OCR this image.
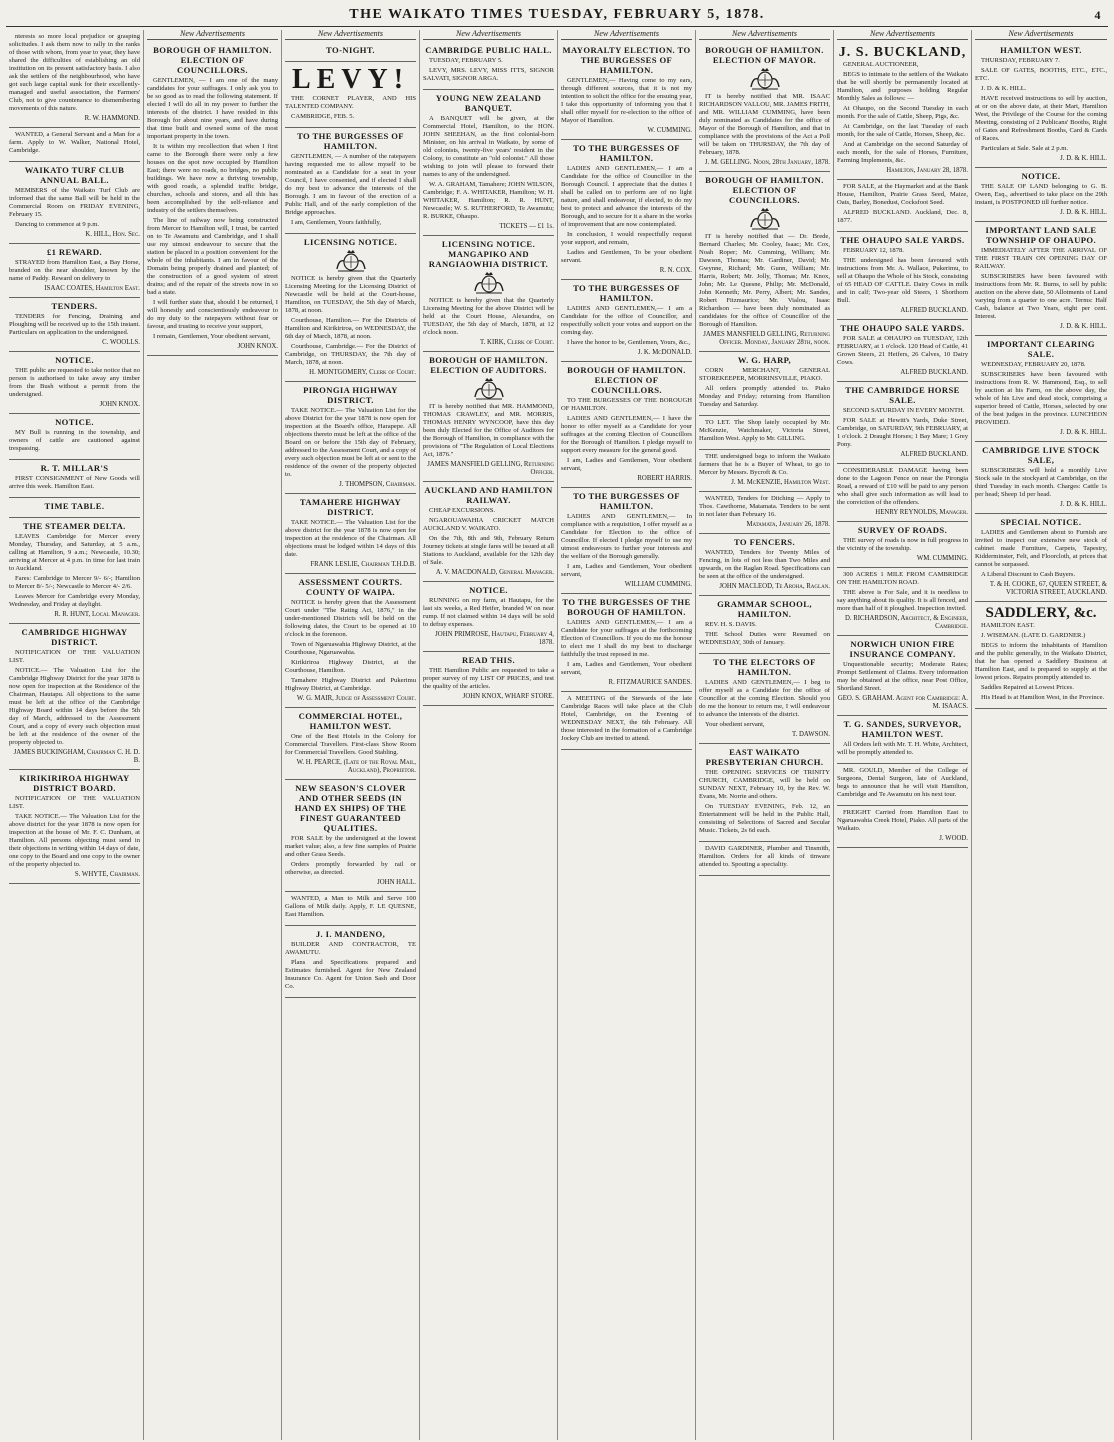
THE WAIKATO TIMES TUESDAY, FEBRUARY 5, 1878.	4

nterests so more local prejudice or grasping solicitudes. I ask them now to rally in the ranks of those with whom, from year to year, they have shared the difficulties of establishing an old institution on its present satisfactory basis. I also ask the settlers of the neighbourhood, who have got such large capital sunk for their excellently-managed and useful association, the Farmers' Club, not to give countenance to dismembering movements of this nature.

R. W. HAMMOND.

WANTED, a General Servant and a Man for a farm. Apply to W. Walker, National Hotel, Cambridge.

WAIKATO TURF CLUB ANNUAL BALL.

MEMBERS of the Waikato Turf Club are informed that the same Ball will be held in the Commercial Room on FRIDAY EVENING, February 15.

Dancing to commence at 9 p.m.

K. HILL, Hon. Sec.
£1 REWARD.

STRAYED from Hamilton East, a Bay Horse, branded on the near shoulder, known by the name of Paddy. Reward on delivery to

ISAAC COATES, Hamilton East.
TENDERS.

TENDERS for Fencing, Draining and Ploughing will be received up to the 15th instant. Particulars on application to the undersigned.

C. WOOLLS.
NOTICE.

THE public are requested to take notice that no person is authorised to take away any timber from the Bush without a permit from the undersigned.

JOHN KNOX.
NOTICE.

MY Bull is running in the township, and owners of cattle are cautioned against trespassing.

R. T. MILLAR'S

FIRST CONSIGNMENT of New Goods will arrive this week. Hamilton East.

TIME TABLE.
THE STEAMER DELTA.

LEAVES Cambridge for Mercer every Monday, Thursday, and Saturday, at 5 a.m., calling at Hamilton, 9 a.m.; Newcastle, 10.30; arriving at Mercer at 4 p.m. in time for last train to Auckland.

Fares: Cambridge to Mercer 9/- 6/-; Hamilton to Mercer 8/- 5/-; Newcastle to Mercer 4/- 2/6.

Leaves Mercer for Cambridge every Monday, Wednesday, and Friday at daylight.

R. R. HUNT, Local Manager.
CAMBRIDGE HIGHWAY DISTRICT.

NOTIFICATION OF THE VALUATION LIST.

NOTICE.— The Valuation List for the Cambridge Highway District for the year 1878 is now open for inspection at the Residence of the Chairman, Hautapu. All objections to the same must be left at the office of the Cambridge Highway Board within 14 days before the 5th day of March, addressed to the Assessment Court, and a copy of every such objection must be left at the residence of the owner of the property objected to.

JAMES BUCKINGHAM, Chairman C. H. D. B.
KIRIKIRIROA HIGHWAY DISTRICT BOARD.

NOTIFICATION OF THE VALUATION LIST.

TAKE NOTICE.— The Valuation List for the above district for the year 1878 is now open for inspection at the house of Mr. F. C. Dunham, at Hamilton. All persons objecting must send in their objections in writing within 14 days of date, one copy to the Board and one copy to the owner of the property objected to.

S. WHYTE, Chairman.
New Advertisements
BOROUGH OF HAMILTON. ELECTION OF COUNCILLORS.

GENTLEMEN, — I am one of the many candidates for your suffrages. I only ask you to be so good as to read the following statement. If elected I will do all in my power to further the interests of the district. I have resided in this Borough for about nine years, and have during that time built and owned some of the most important property in the town.

It is within my recollection that when I first came to the Borough there were only a few houses on the spot now occupied by Hamilton East; there were no roads, no bridges, no public buildings. We have now a thriving township, with good roads, a splendid traffic bridge, churches, schools and stores, and all this has been accomplished by the self-reliance and industry of the settlers themselves.

The line of railway now being constructed from Mercer to Hamilton will, I trust, be carried on to Te Awamutu and Cambridge, and I shall use my utmost endeavour to secure that the station be placed in a position convenient for the whole of the inhabitants. I am in favour of the Domain being properly drained and planted; of the construction of a good system of street drains; and of the repair of the streets now in so bad a state.

I will further state that, should I be returned, I will honestly and conscientiously endeavour to do my duty to the ratepayers without fear or favour, and trusting to receive your support,

I remain, Gentlemen, Your obedient servant,

JOHN KNOX.
New Advertisements
TO-NIGHT.
LEVY!

THE CORNET PLAYER, AND HIS TALENTED COMPANY.

CAMBRIDGE, FEB. 5.

TO THE BURGESSES OF HAMILTON.

GENTLEMEN, — A number of the ratepayers having requested me to allow myself to be nominated as a Candidate for a seat in your Council, I have consented, and if elected I shall do my best to advance the interests of the Borough. I am in favour of the erection of a Public Hall, and of the early completion of the Bridge approaches.

I am, Gentlemen, Yours faithfully,

LICENSING NOTICE.

NOTICE is hereby given that the Quarterly Licensing Meeting for the Licensing District of Newcastle will be held at the Court-house, Hamilton, on TUESDAY, the 5th day of March, 1878, at noon.

Courthouse, Hamilton.— For the Districts of Hamilton and Kirikiriroa, on WEDNESDAY, the 6th day of March, 1878, at noon.

Courthouse, Cambridge.— For the District of Cambridge, on THURSDAY, the 7th day of March, 1878, at noon.

H. MONTGOMERY, Clerk of Court.
PIRONGIA HIGHWAY DISTRICT.

TAKE NOTICE.— The Valuation List for the above District for the year 1878 is now open for inspection at the Board's office, Harapepe. All objections thereto must be left at the office of the Board on or before the 15th day of February, addressed to the Assessment Court, and a copy of every such objection must be left at or sent to the residence of the owner of the property objected to.

J. THOMPSON, Chairman.
TAMAHERE HIGHWAY DISTRICT.

TAKE NOTICE.— The Valuation List for the above district for the year 1878 is now open for inspection at the residence of the Chairman. All objections must be lodged within 14 days of this date.

FRANK LESLIE, Chairman T.H.D.B.
ASSESSMENT COURTS. COUNTY OF WAIPA.

NOTICE is hereby given that the Assessment Court under "The Rating Act, 1876," in the under-mentioned Districts will be held on the following dates, the Court to be opened at 10 o'clock in the forenoon.

Town of Ngaruawahia Highway District, at the Courthouse, Ngaruawahia.

Kirikiriroa Highway District, at the Courthouse, Hamilton.

Tamahere Highway District and Pukerimu Highway District, at Cambridge.

W. G. MAIR, Judge of Assessment Court.
COMMERCIAL HOTEL, HAMILTON WEST.

One of the Best Hotels in the Colony for Commercial Travellers. First-class Show Room for Commercial Travellers. Good Stabling.

W. H. PEARCE, (Late of the Royal Mail, Auckland), Proprietor.
NEW SEASON'S CLOVER AND OTHER SEEDS (IN HAND EX SHIPS) OF THE FINEST GUARANTEED QUALITIES.

FOR SALE by the undersigned at the lowest market value; also, a few fine samples of Prairie and other Grass Seeds.

Orders promptly forwarded by rail or otherwise, as directed.

JOHN HALL.

WANTED, a Man to Milk and Serve 100 Gallons of Milk daily. Apply, F. LE QUESNE, East Hamilton.

J. I. MANDENO,

BUILDER AND CONTRACTOR, TE AWAMUTU.

Plans and Specifications prepared and Estimates furnished. Agent for New Zealand Insurance Co. Agent for Union Sash and Door Co.

New Advertisements
CAMBRIDGE PUBLIC HALL.

TUESDAY, FEBRUARY 5.

LEVY, MRS. LEVY, MISS ITTS, SIGNOR SALVATI, SIGNOR ARGA.

YOUNG NEW ZEALAND BANQUET.

A BANQUET will be given, at the Commercial Hotel, Hamilton, to the HON. JOHN SHEEHAN, as the first colonial-born Minister, on his arrival in Waikato, by some of old colonists, twenty-five years' resident in the Colony, to constitute an "old colonist." All those wishing to join will please to forward their names to any of the undersigned.

W. A. GRAHAM, Tamahere; JOHN WILSON, Cambridge; F. A. WHITAKER, Hamilton; W. H. WHITAKER, Hamilton; R. R. HUNT, Newcastle; W. S. RUTHERFORD, Te Awamutu; R. BURKE, Ohaupo.

TICKETS — £1 1s.
LICENSING NOTICE. MANGAPIKO AND RANGIAOWHIA DISTRICT.

NOTICE is hereby given that the Quarterly Licensing Meeting for the above District will be held at the Court House, Alexandra, on TUESDAY, the 5th day of March, 1878, at 12 o'clock noon.

T. KIRK, Clerk of Court.
BOROUGH OF HAMILTON. ELECTION OF AUDITORS.

IT is hereby notified that MR. HAMMOND, THOMAS CRAWLEY, and MR. MORRIS, THOMAS HENRY WYNCOOP, have this day been duly Elected for the Office of Auditors for the Borough of Hamilton, in compliance with the provisions of "The Regulation of Local Elections Act, 1876."

JAMES MANSFIELD GELLING, Returning Officer.
AUCKLAND AND HAMILTON RAILWAY.

CHEAP EXCURSIONS.

NGAROUAWAHIA CRICKET MATCH AUCKLAND V. WAIKATO.

On the 7th, 8th and 9th, February Return Journey tickets at single fares will be issued at all Stations to Auckland, available for the 12th day of Sale.

A. V. MACDONALD, General Manager.
NOTICE.

RUNNING on my farm, at Hautapu, for the last six weeks, a Red Heifer, branded W on near rump. If not claimed within 14 days will be sold to defray expenses.

JOHN PRIMROSE, Hautapu, February 4, 1878.
READ THIS.

THE Hamilton Public are requested to take a proper survey of my LIST OF PRICES, and test the quality of the articles.

JOHN KNOX, WHARF STORE.
New Advertisements
MAYORALTY ELECTION. TO THE BURGESSES OF HAMILTON.

GENTLEMEN,— Having come to my ears, through different sources, that it is not my intention to solicit the office for the ensuing year, I take this opportunity of informing you that I shall offer myself for re-election to the office of Mayor of Hamilton.

W. CUMMING.
TO THE BURGESSES OF HAMILTON.

LADIES AND GENTLEMEN,— I am a Candidate for the office of Councillor in the Borough Council. I appreciate that the duties I shall be called on to perform are of no light nature, and shall endeavour, if elected, to do my best to protect and advance the interests of the Borough, and to secure for it a share in the works of improvement that are now contemplated.

In conclusion, I would respectfully request your support, and remain,

Ladies and Gentlemen, To be your obedient servant.

R. N. COX.
TO THE BURGESSES OF HAMILTON.

LADIES AND GENTLEMEN,— I am a Candidate for the office of Councillor, and respectfully solicit your votes and support on the coming day.

I have the honor to be, Gentlemen, Yours, &c.,

J. K. McDONALD.
BOROUGH OF HAMILTON. ELECTION OF COUNCILLORS.

TO THE BURGESSES OF THE BOROUGH OF HAMILTON.

LADIES AND GENTLEMEN,— I have the honor to offer myself as a Candidate for your suffrages at the coming Election of Councillors for the Borough of Hamilton. I pledge myself to support every measure for the general good.

I am, Ladies and Gentlemen, Your obedient servant,

ROBERT HARRIS.
TO THE BURGESSES OF HAMILTON.

LADIES AND GENTLEMEN,— In compliance with a requisition, I offer myself as a Candidate for Election to the office of Councillor. If elected I pledge myself to use my utmost endeavours to further your interests and the welfare of the Borough generally.

I am, Ladies and Gentlemen, Your obedient servant,

WILLIAM CUMMING.
TO THE BURGESSES OF THE BOROUGH OF HAMILTON.

LADIES AND GENTLEMEN,— I am a Candidate for your suffrages at the forthcoming Election of Councillors. If you do me the honour to elect me I shall do my best to discharge faithfully the trust reposed in me.

I am, Ladies and Gentlemen, Your obedient servant,

R. FITZMAURICE SANDES.

A MEETING of the Stewards of the late Cambridge Races will take place at the Club Hotel, Cambridge, on the Evening of WEDNESDAY NEXT, the 6th February. All those interested in the formation of a Cambridge Jockey Club are invited to attend.

New Advertisements
BOROUGH OF HAMILTON. ELECTION OF MAYOR.

IT is hereby notified that MR. ISAAC RICHARDSON VALLOU, MR. JAMES FRITH, and MR. WILLIAM CUMMING, have been duly nominated as Candidates for the office of Mayor of the Borough of Hamilton, and that in compliance with the provisions of the Act a Poll will be taken on THURSDAY, the 7th day of February, 1878.

J. M. GELLING. Noon, 28th January, 1878.
BOROUGH OF HAMILTON. ELECTION OF COUNCILLORS.

IT is hereby notified that — Dr. Brede, Bernard Charles; Mr. Cooley, Isaac; Mr. Cox, Noah Roper; Mr. Cumming, William; Mr. Dawson, Thomas; Mr. Gardiner, David; Mr. Gwynne, Richard; Mr. Gunn, William; Mr. Harris, Robert; Mr. Jolly, Thomas; Mr. Knox, John; Mr. Le Quesne, Philip; Mr. McDonald, John Kenneth; Mr. Perry, Albert; Mr. Sandes, Robert Fitzmaurice; Mr. Vialou, Isaac Richardson — have been duly nominated as candidates for the office of Councillor of the Borough of Hamilton.

JAMES MANSFIELD GELLING, Returning Officer. Monday, January 28th, noon.
W. G. HARP,

CORN MERCHANT, GENERAL STOREKEEPER, MORRINSVILLE, PIAKO.

All orders promptly attended to. Piako Monday and Friday; returning from Hamilton Tuesday and Saturday.

TO LET. The Shop lately occupied by Mr. McKenzie, Watchmaker, Victoria Street, Hamilton West. Apply to Mr. GILLING.

THE undersigned begs to inform the Waikato farmers that he is a Buyer of Wheat, to go to Mercer by Messrs. Bycroft & Co.

J. M. McKENZIE, Hamilton West.

WANTED, Tenders for Ditching — Apply to Thos. Cawthorne, Matamata. Tenders to be sent in not later than February 16.

Matamata, January 26, 1878.
TO FENCERS.

WANTED, Tenders for Twenty Miles of Fencing, in lots of not less than Two Miles and upwards, on the Raglan Road. Specifications can be seen at the office of the undersigned.

JOHN MACLEOD, Te Aroha, Raglan.
GRAMMAR SCHOOL, HAMILTON.

REV. H. S. DAVIS.

THE School Duties were Resumed on WEDNESDAY, 30th of January.

TO THE ELECTORS OF HAMILTON.

LADIES AND GENTLEMEN,— I beg to offer myself as a Candidate for the office of Councillor at the coming Election. Should you do me the honour to return me, I will endeavour to advance the interests of the district.

Your obedient servant,

T. DAWSON.
EAST WAIKATO PRESBYTERIAN CHURCH.

THE OPENING SERVICES OF TRINITY CHURCH, CAMBRIDGE, will be held on SUNDAY NEXT, February 10, by the Rev. W. Evans, Mr. Norrie and others.

On TUESDAY EVENING, Feb. 12, an Entertainment will be held in the Public Hall, consisting of Selections of Sacred and Secular Music. Tickets, 2s 6d each.

DAVID GARDINER, Plumber and Tinsmith, Hamilton. Orders for all kinds of tinware attended to. Spouting a speciality.

New Advertisements
J. S. BUCKLAND,

GENERAL AUCTIONEER,

BEGS to intimate to the settlers of the Waikato that he will shortly be permanently located at Hamilton, and purposes holding Regular Monthly Sales as follows: —

At Ohaupo, on the Second Tuesday in each month. For the sale of Cattle, Sheep, Pigs, &c.

At Cambridge, on the last Tuesday of each month, for the sale of Cattle, Horses, Sheep, &c.

And at Cambridge on the second Saturday of each month, for the sale of Horses, Furniture, Farming Implements, &c.

Hamilton, January 28, 1878.

FOR SALE, at the Haymarket and at the Bank House, Hamilton, Prairie Grass Seed, Maize, Oats, Barley, Bonedust, Cocksfoot Seed.

ALFRED BUCKLAND. Auckland, Dec. 8, 1877.

THE OHAUPO SALE YARDS.

FEBRUARY 12, 1878.

THE undersigned has been favoured with instructions from Mr. A. Wallace, Pukerimu, to sell at Ohaupo the Whole of his Stock, consisting of 65 HEAD OF CATTLE. Dairy Cows in milk and in calf; Two-year old Steers, 1 Shorthorn Bull.

ALFRED BUCKLAND.
THE OHAUPO SALE YARDS.

FOR SALE at OHAUPO on TUESDAY, 12th FEBRUARY, at 1 o'clock. 120 Head of Cattle, 41 Grown Steers, 21 Heifers, 26 Calves, 10 Dairy Cows.

ALFRED BUCKLAND.
THE CAMBRIDGE HORSE SALE.

SECOND SATURDAY IN EVERY MONTH.

FOR SALE at Hewitt's Yards, Duke Street, Cambridge, on SATURDAY, 9th FEBRUARY, at 1 o'clock. 2 Draught Horses; 1 Bay Mare; 1 Grey Pony.

ALFRED BUCKLAND.

CONSIDERABLE DAMAGE having been done to the Lagoon Fence on near the Pirongia Road, a reward of £10 will be paid to any person who shall give such information as will lead to the conviction of the offenders.

HENRY REYNOLDS, Manager.
SURVEY OF ROADS.

THE survey of roads is now in full progress in the vicinity of the township.

WM. CUMMING.

300 ACRES 1 MILE FROM CAMBRIDGE ON THE HAMILTON ROAD.

THE above is For Sale, and it is needless to say anything about its quality. It is all fenced, and more than half of it ploughed. Inspection invited.

D. RICHARDSON, Architect, & Engineer, Cambridge.
NORWICH UNION FIRE INSURANCE COMPANY.

Unquestionable security; Moderate Rates; Prompt Settlement of Claims. Every information may be obtained at the office, near Post Office, Shortland Street.

GEO. S. GRAHAM. Agent for Cambridge: A. M. ISAACS.
T. G. SANDES, SURVEYOR, HAMILTON WEST.

All Orders left with Mr. T. H. White, Architect, will be promptly attended to.

MR. GOULD, Member of the College of Surgeons, Dental Surgeon, late of Auckland, begs to announce that he will visit Hamilton, Cambridge and Te Awamutu on his next tour.

FREIGHT Carried from Hamilton East to Ngaruawahia Creek Hotel, Piako. All parts of the Waikato.

J. WOOD.
New Advertisements
HAMILTON WEST.

THURSDAY, FEBRUARY 7.

SALE OF GATES, BOOTHS, ETC., ETC., ETC.

J. D. & K. HILL.

HAVE received instructions to sell by auction, at or on the above date, at their Mart, Hamilton West, the Privilege of the Course for the coming Meeting, consisting of 2 Publicans' Booths, Right of Gates and Refreshment Booths, Card & Cards of Races.

Particulars at Sale. Sale at 2 p.m.

J. D. & K. HILL.
NOTICE.

THE SALE OF LAND belonging to G. B. Owen, Esq., advertised to take place on the 29th instant, is POSTPONED till further notice.

J. D. & K. HILL.
IMPORTANT LAND SALE TOWNSHIP OF OHAUPO.

IMMEDIATELY AFTER THE ARRIVAL OF THE FIRST TRAIN ON OPENING DAY OF RAILWAY.

SUBSCRIBERS have been favoured with instructions from Mr. R. Burns, to sell by public auction on the above date, 50 Allotments of Land varying from a quarter to one acre. Terms: Half Cash, balance at Two Years, eight per cent. Interest.

J. D. & K. HILL.
IMPORTANT CLEARING SALE.

WEDNESDAY, FEBRUARY 20, 1878.

SUBSCRIBERS have been favoured with instructions from R. W. Hammond, Esq., to sell by auction at his Farm, on the above day, the whole of his Live and dead stock, comprising a superior breed of Cattle, Horses, selected by one of the best judges in the province. LUNCHEON PROVIDED.

J. D. & K. HILL.
CAMBRIDGE LIVE STOCK SALE,

SUBSCRIBERS will hold a monthly Live Stock sale in the stockyard at Cambridge, on the third Tuesday in each month. Charges: Cattle 1s per head; Sheep 1d per head.

J. D. & K. HILL.
SPECIAL NOTICE.

LADIES and Gentlemen about to Furnish are invited to inspect our extensive new stock of cabinet made Furniture, Carpets, Tapestry, Kidderminster, Felt, and Floorcloth, at prices that cannot be surpassed.

A Liberal Discount to Cash Buyers.

T. & H. COOKE, 67, QUEEN STREET, & VICTORIA STREET, AUCKLAND.
SADDLERY, &c.

HAMILTON EAST.

J. WISEMAN. (LATE D. GARDNER.)

BEGS to inform the inhabitants of Hamilton and the public generally, in the Waikato District, that he has opened a Saddlery Business at Hamilton East, and is prepared to supply at the lowest prices. Repairs promptly attended to.

Saddles Repaired at Lowest Prices.

His Head is at Hamilton West, in the Province.
